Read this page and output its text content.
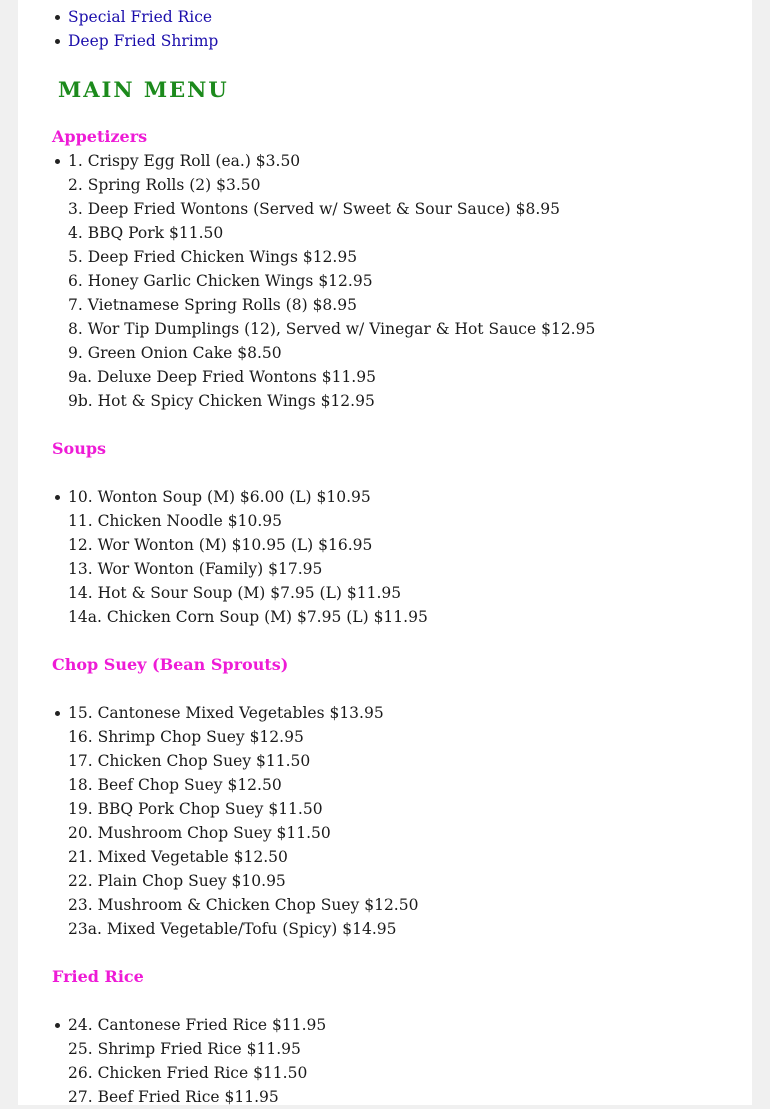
Special Fried Rice
Deep Fried Shrimp
MAIN MENU
Appetizers
1. Crispy Egg Roll (ea.) $3.50
2. Spring Rolls (2) $3.50
3. Deep Fried Wontons (Served w/ Sweet & Sour Sauce) $8.95
4. BBQ Pork $11.50
5. Deep Fried Chicken Wings $12.95
6. Honey Garlic Chicken Wings $12.95
7. Vietnamese Spring Rolls (8) $8.95
8. Wor Tip Dumplings (12), Served w/ Vinegar & Hot Sauce $12.95
9. Green Onion Cake $8.50
9a. Deluxe Deep Fried Wontons $11.95
9b. Hot & Spicy Chicken Wings $12.95
Soups
10. Wonton Soup (M) $6.00 (L) $10.95
11. Chicken Noodle $10.95
12. Wor Wonton (M) $10.95 (L) $16.95
13. Wor Wonton (Family) $17.95
14. Hot & Sour Soup (M) $7.95 (L) $11.95
14a. Chicken Corn Soup (M) $7.95 (L) $11.95
Chop Suey (Bean Sprouts)
15. Cantonese Mixed Vegetables $13.95
16. Shrimp Chop Suey $12.95
17. Chicken Chop Suey $11.50
18. Beef Chop Suey $12.50
19. BBQ Pork Chop Suey $11.50
20. Mushroom Chop Suey $11.50
21. Mixed Vegetable $12.50
22. Plain Chop Suey $10.95
23. Mushroom & Chicken Chop Suey $12.50
23a. Mixed Vegetable/Tofu (Spicy) $14.95
Fried Rice
24. Cantonese Fried Rice $11.95
25. Shrimp Fried Rice $11.95
26. Chicken Fried Rice $11.50
27. Beef Fried Rice $11.95
